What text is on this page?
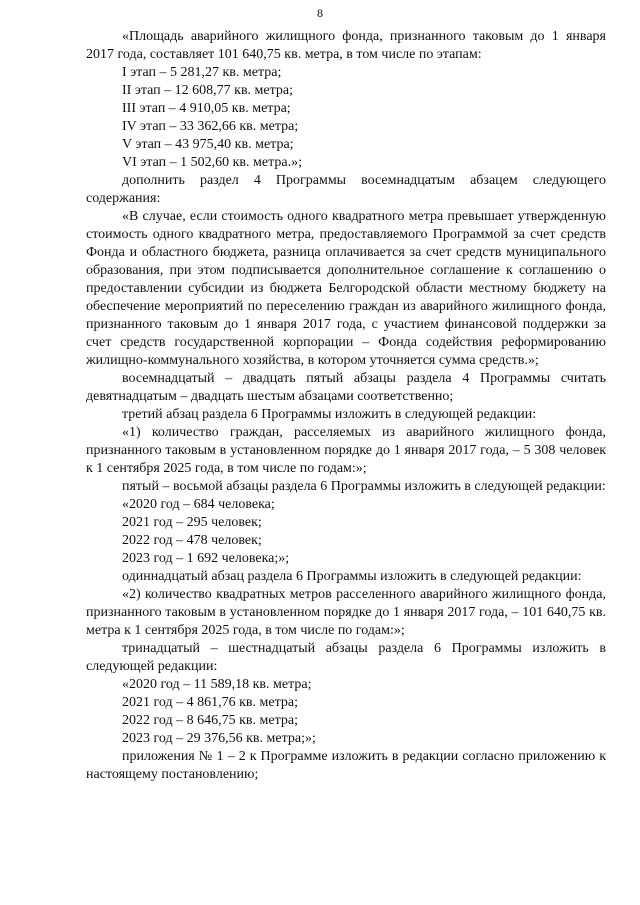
8

«Площадь аварийного жилищного фонда, признанного таковым до 1 января 2017 года, составляет 101 640,75 кв. метра, в том числе по этапам:

I этап – 5 281,27 кв. метра;

II этап – 12 608,77 кв. метра;

III этап – 4 910,05 кв. метра;

IV этап – 33 362,66 кв. метра;

V этап – 43 975,40 кв. метра;

VI этап – 1 502,60 кв. метра.»;

дополнить раздел 4 Программы восемнадцатым абзацем следующего содержания:

«В случае, если стоимость одного квадратного метра превышает утвержденную стоимость одного квадратного метра, предоставляемого Программой за счет средств Фонда и областного бюджета, разница оплачивается за счет средств муниципального образования, при этом подписывается дополнительное соглашение к соглашению о предоставлении субсидии из бюджета Белгородской области местному бюджету на обеспечение мероприятий по переселению граждан из аварийного жилищного фонда, признанного таковым до 1 января 2017 года, с участием финансовой поддержки за счет средств государственной корпорации – Фонда содействия реформированию жилищно-коммунального хозяйства, в котором уточняется сумма средств.»;

восемнадцатый – двадцать пятый абзацы раздела 4 Программы считать девятнадцатым – двадцать шестым абзацами соответственно;

третий абзац раздела 6 Программы изложить в следующей редакции:

«1) количество граждан, расселяемых из аварийного жилищного фонда, признанного таковым в установленном порядке до 1 января 2017 года, – 5 308 человек к 1 сентября 2025 года, в том числе по годам:»;

пятый – восьмой абзацы раздела 6 Программы изложить в следующей редакции:

«2020 год – 684 человека;

2021 год – 295 человек;

2022 год – 478 человек;

2023 год – 1 692 человека;»;

одиннадцатый абзац раздела 6 Программы изложить в следующей редакции:

«2) количество квадратных метров расселенного аварийного жилищного фонда, признанного таковым в установленном порядке до 1 января 2017 года, – 101 640,75 кв. метра к 1 сентября 2025 года, в том числе по годам:»;

тринадцатый – шестнадцатый абзацы раздела 6 Программы изложить в следующей редакции:

«2020 год – 11 589,18 кв. метра;

2021 год – 4 861,76 кв. метра;

2022 год – 8 646,75 кв. метра;

2023 год – 29 376,56 кв. метра;»;

приложения № 1 – 2 к Программе изложить в редакции согласно приложению к настоящему постановлению;
